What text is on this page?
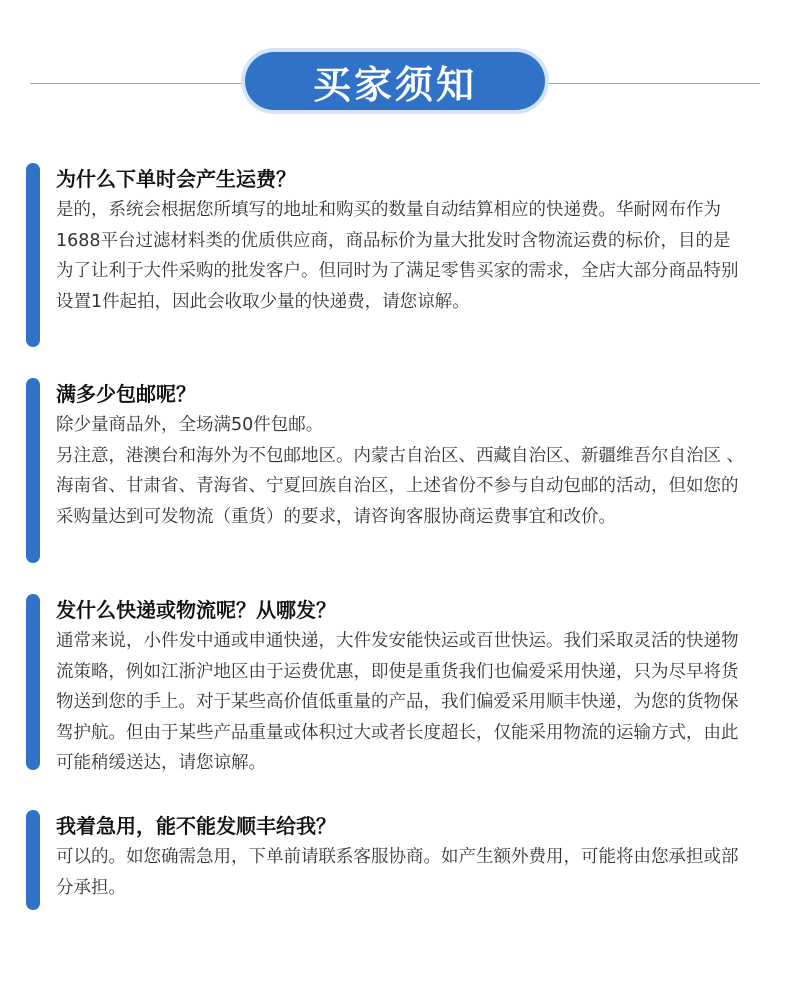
买家须知
为什么下单时会产生运费？

是的，系统会根据您所填写的地址和购买的数量自动结算相应的快递费。华耐网布作为1688平台过滤材料类的优质供应商，商品标价为量大批发时含物流运费的标价，目的是为了让利于大件采购的批发客户。但同时为了满足零售买家的需求，全店大部分商品特别设置1件起拍，因此会收取少量的快递费，请您谅解。

满多少包邮呢？

除少量商品外，全场满50件包邮。

另注意，港澳台和海外为不包邮地区。内蒙古自治区、西藏自治区、新疆维吾尔自治区 、海南省、甘肃省、青海省、宁夏回族自治区，上述省份不参与自动包邮的活动，但如您的采购量达到可发物流（重货）的要求，请咨询客服协商运费事宜和改价。

发什么快递或物流呢？从哪发？

通常来说，小件发中通或申通快递，大件发安能快运或百世快运。我们采取灵活的快递物流策略，例如江浙沪地区由于运费优惠，即使是重货我们也偏爱采用快递，只为尽早将货物送到您的手上。对于某些高价值低重量的产品，我们偏爱采用顺丰快递，为您的货物保驾护航。但由于某些产品重量或体积过大或者长度超长，仅能采用物流的运输方式，由此可能稍缓送达，请您谅解。

我着急用，能不能发顺丰给我？

可以的。如您确需急用，下单前请联系客服协商。如产生额外费用，可能将由您承担或部分承担。
